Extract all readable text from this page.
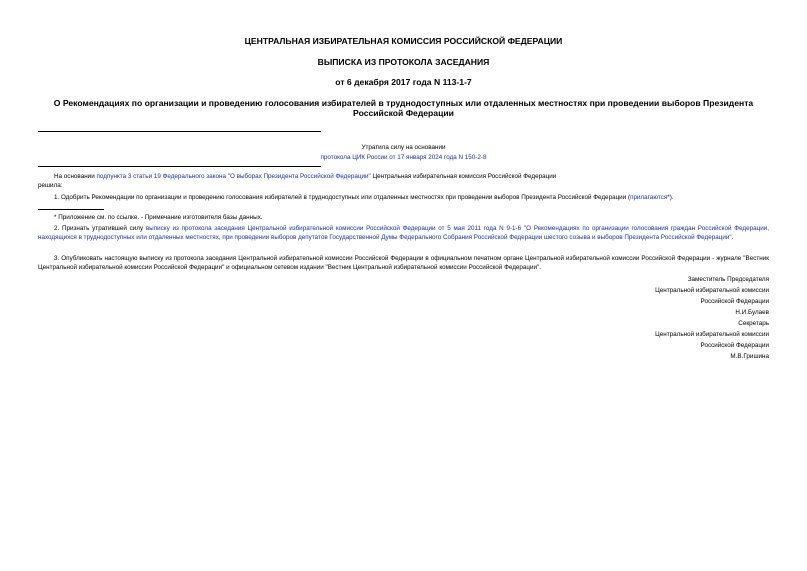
ЦЕНТРАЛЬНАЯ ИЗБИРАТЕЛЬНАЯ КОМИССИЯ РОССИЙСКОЙ ФЕДЕРАЦИИ
ВЫПИСКА ИЗ ПРОТОКОЛА ЗАСЕДАНИЯ
от 6 декабря 2017 года N 113-1-7
О Рекомендациях по организации и проведению голосования избирателей в труднодоступных или отдаленных местностях при проведении выборов Президента
Российской Федерации
Утратила силу на основании
протокола ЦИК России от 17 января 2024 года N 150-2-8
На основании подпункта 3 статьи 19 Федерального закона "О выборах Президента Российской Федерации" Центральная избирательная комиссия Российской Федерации
решила:
1. Одобрить Рекомендации по организации и проведению голосования избирателей в труднодоступных или отдаленных местностях при проведении выборов Президента Российской Федерации (прилагаются*).
* Приложение см. по ссылке. - Примечание изготовителя базы данных.
2. Признать утратившей силу выписку из протокола заседания Центральной избирательной комиссии Российской Федерации от 5 мая 2011 года N 9-1-6 "О Рекомендациях по организации голосования граждан Российской Федерации, находящихся в труднодоступных или отдаленных местностях, при проведении выборов депутатов Государственной Думы Федерального Собрания Российской Федерации шестого созыва и выборов Президента Российской Федерации".
3. Опубликовать настоящую выписку из протокола заседания Центральной избирательной комиссии Российской Федерации в официальном печатном органе Центральной избирательной комиссии Российской Федерации - журнале "Вестник Центральной избирательной комиссии Российской Федерации" и официальном сетевом издании "Вестник Центральной избирательной комиссии Российской Федерации".
Заместитель Председателя
Центральной избирательной комиссии
Российской Федерации
Н.И.Булаев
Секретарь
Центральной избирательной комиссии
Российской Федерации
М.В.Гришина
